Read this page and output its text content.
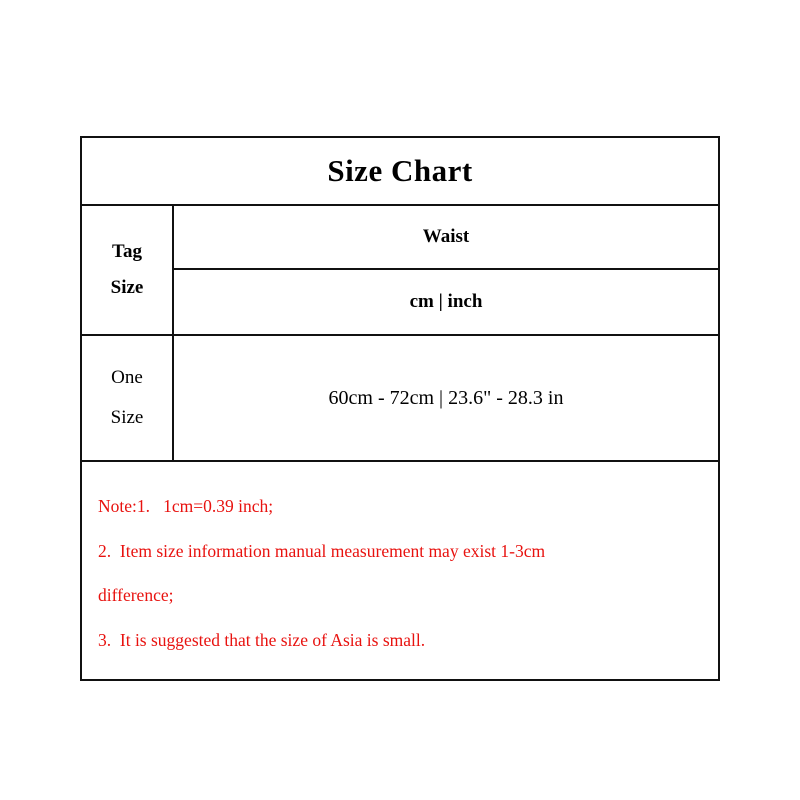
Size Chart
Tag
Size
Waist
cm | inch
One
Size
60cm - 72cm | 23.6" - 28.3 in
Note:1.   1cm=0.39 inch;
2.  Item size information manual measurement may exist 1-3cm
difference;
3.  It is suggested that the size of Asia is small.
